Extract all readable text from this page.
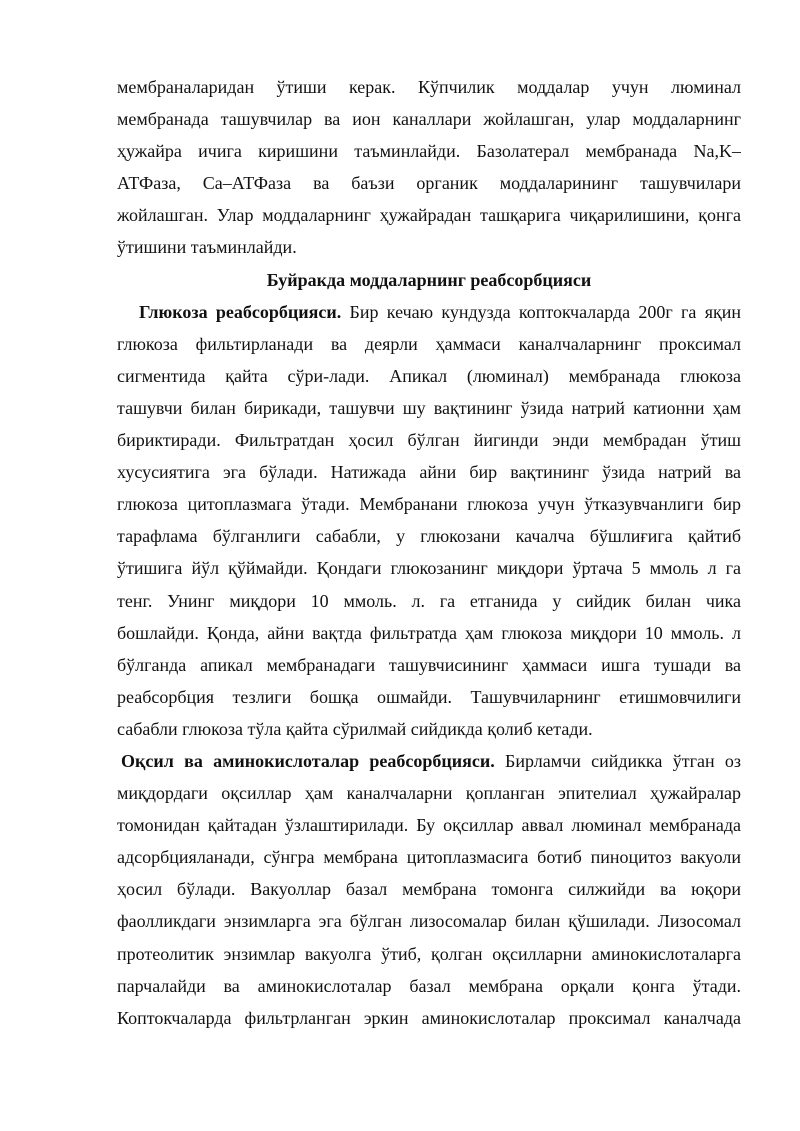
мембраналаридан ўтиши керак. Кўпчилик моддалар учун люминал
мембранада ташувчилар ва ион каналлари жойлашган, улар моддаларнинг
ҳужайра ичига киришини таъминлайди. Базолатерал мембранада Na,K–
АТФаза, Са–АТФаза ва баъзи органик моддаларининг ташувчилари
жойлашган. Улар моддаларнинг ҳужайрадан ташқарига чиқарилишини, қонга
ўтишини таъминлайди.
Буйракда моддаларнинг реабсорбцияси
Глюкоза реабсорбцияси. Бир кечаю кундузда коптокчаларда 200г га яқин
глюкоза фильтирланади ва деярли ҳаммаси каналчаларнинг проксимал
сигментида қайта сўри-лади. Апикал (люминал) мембранада глюкоза
ташувчи билан бирикади, ташувчи шу вақтининг ўзида натрий катионни ҳам
бириктиради. Фильтратдан ҳосил бўлган йигинди энди мембрадан ўтиш
хусусиятига эга бўлади. Натижада айни бир вақтининг ўзида натрий ва
глюкоза цитоплазмага ўтади. Мембранани глюкоза учун ўтказувчанлиги бир
тарафлама бўлганлиги сабабли, у глюкозани качалча бўшлиғига қайтиб
ўтишига йўл қўймайди. Қондаги глюкозанинг миқдори ўртача 5 ммоль л га
тенг. Унинг миқдори 10 ммоль. л. га етганида у сийдик билан чика
бошлайди. Қонда, айни вақтда фильтратда ҳам глюкоза миқдори 10 ммоль. л
бўлганда апикал мембранадаги ташувчисининг ҳаммаси ишга тушади ва
реабсорбция тезлиги бошқа ошмайди. Ташувчиларнинг етишмовчилиги
сабабли глюкоза тўла қайта сўрилмай сийдикда қолиб кетади.
Оқсил ва аминокислоталар реабсорбцияси. Бирламчи сийдикка ўтган оз
миқдордаги оқсиллар ҳам каналчаларни қопланган эпителиал ҳужайралар
томонидан қайтадан ўзлаштирилади. Бу оқсиллар аввал люминал мембранада
адсорбцияланади, сўнгра мембрана цитоплазмасига ботиб пиноцитоз вакуоли
ҳосил бўлади. Вакуоллар базал мембрана томонга силжийди ва юқори
фаолликдаги энзимларга эга бўлган лизосомалар билан қўшилади. Лизосомал
протеолитик энзимлар вакуолга ўтиб, қолган оқсилларни аминокислоталарга
парчалайди ва аминокислоталар базал мембрана орқали қонга ўтади.
Коптокчаларда фильтрланган эркин аминокислоталар проксимал каналчада
